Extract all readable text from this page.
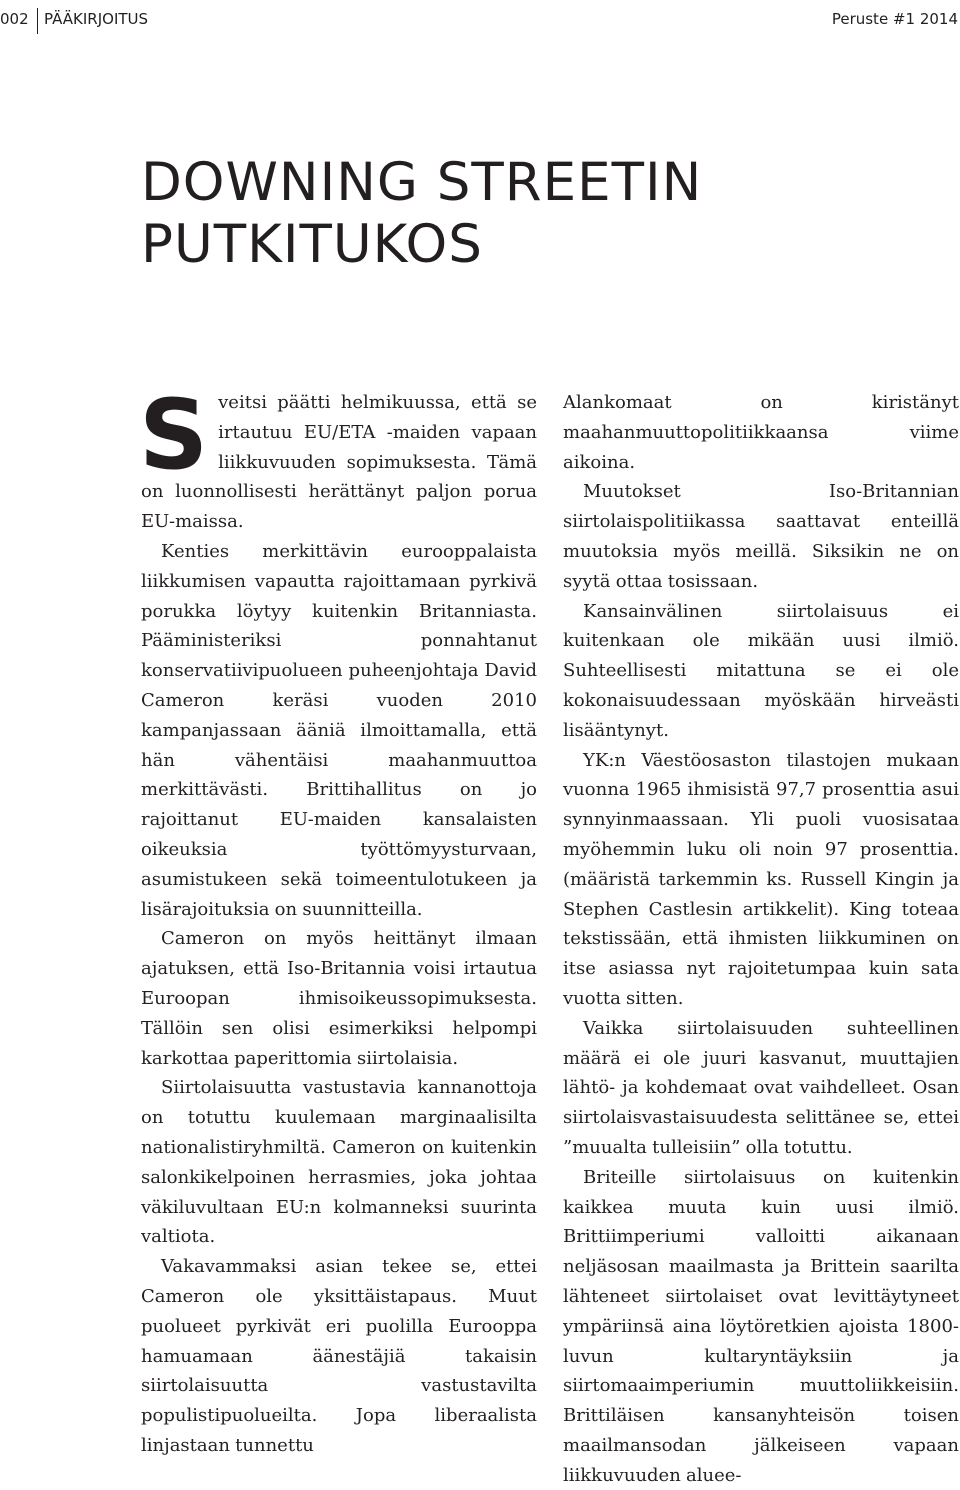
002 PÄÄKIRJOITUS	Peruste #1 2014
DOWNING STREETIN
PUTKITUKOS

Sveitsi päätti helmikuussa, että se irtautuu EU/ETA -maiden vapaan liikkuvuuden sopimuksesta. Tämä on luonnollisesti herättänyt paljon porua EU-maissa.

Kenties merkittävin eurooppalaista liikkumisen vapautta rajoittamaan pyrkivä porukka löytyy kuitenkin Britanniasta. Pääministeriksi ponnahtanut konservatiivipuolueen puheenjohtaja David Cameron keräsi vuoden 2010 kampanjassaan ääniä ilmoittamalla, että hän vähentäisi maahanmuuttoa merkittävästi. Brittihallitus on jo rajoittanut EU-maiden kansalaisten oikeuksia työttömyysturvaan, asumistukeen sekä toimeentulotukeen ja lisärajoituksia on suunnitteilla.

Cameron on myös heittänyt ilmaan ajatuksen, että Iso-Britannia voisi irtautua Euroopan ihmisoikeussopimuksesta. Tällöin sen olisi esimerkiksi helpompi karkottaa paperittomia siirtolaisia.

Siirtolaisuutta vastustavia kannanottoja on totuttu kuulemaan marginaalisilta nationalistiryhmiltä. Cameron on kuitenkin salonkikelpoinen herrasmies, joka johtaa väkiluvultaan EU:n kolmanneksi suurinta valtiota.

Vakavammaksi asian tekee se, ettei Cameron ole yksittäistapaus. Muut puolueet pyrkivät eri puolilla Eurooppa hamuamaan äänestäjiä takaisin siirtolaisuutta vastustavilta populistipuolueilta. Jopa liberaalista linjastaan tunnettu

Alankomaat on kiristänyt maahanmuuttopolitiikkaansa viime aikoina.

Muutokset Iso-Britannian siirtolaispolitiikassa saattavat enteillä muutoksia myös meillä. Siksikin ne on syytä ottaa tosissaan.

Kansainvälinen siirtolaisuus ei kuitenkaan ole mikään uusi ilmiö. Suhteellisesti mitattuna se ei ole kokonaisuudessaan myöskään hirveästi lisääntynyt.

YK:n Väestöosaston tilastojen mukaan vuonna 1965 ihmisistä 97,7 prosenttia asui synnyinmaassaan. Yli puoli vuosisataa myöhemmin luku oli noin 97 prosenttia. (määristä tarkemmin ks. Russell Kingin ja Stephen Castlesin artikkelit). King toteaa tekstissään, että ihmisten liikkuminen on itse asiassa nyt rajoitetumpaa kuin sata vuotta sitten.

Vaikka siirtolaisuuden suhteellinen määrä ei ole juuri kasvanut, muuttajien lähtö- ja kohdemaat ovat vaihdelleet. Osan siirtolaisvastaisuudesta selittänee se, ettei ”muualta tulleisiin” olla totuttu.

Briteille siirtolaisuus on kuitenkin kaikkea muuta kuin uusi ilmiö. Brittiimperiumi valloitti aikanaan neljäsosan maailmasta ja Brittein saarilta lähteneet siirtolaiset ovat levittäytyneet ympäriinsä aina löytöretkien ajoista 1800-luvun kultaryntäyksiin ja siirtomaaimperiumin muuttoliikkeisiin. Brittiläisen kansanyhteisön toisen maailmansodan jälkeiseen vapaan liikkuvuuden aluee-
